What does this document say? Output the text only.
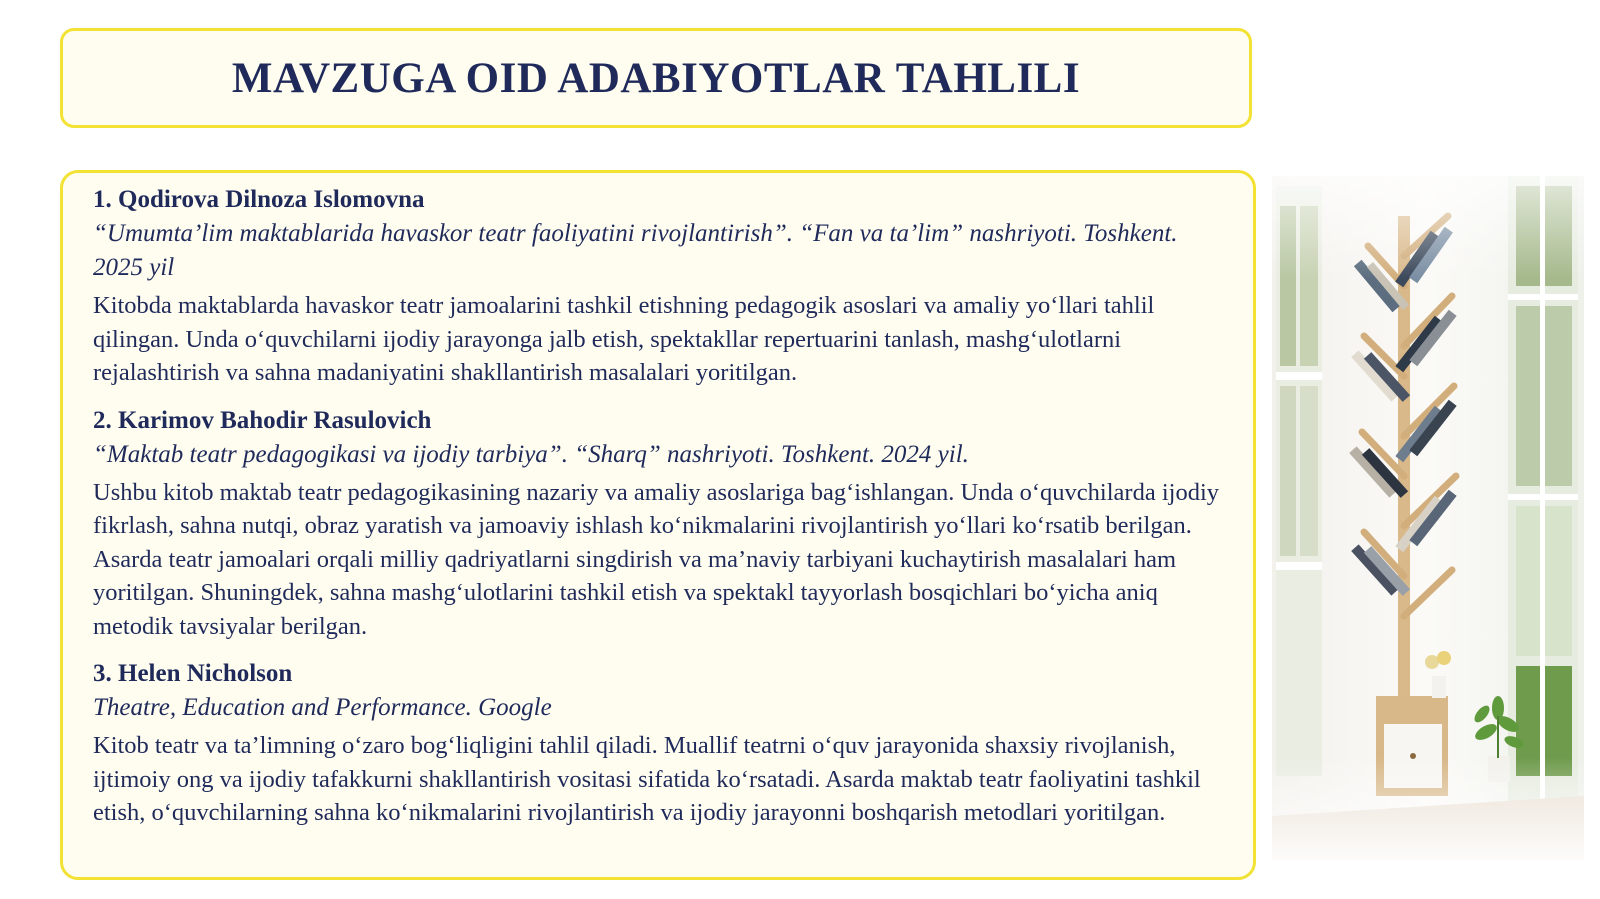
MAVZUGA OID ADABIYOTLAR TAHLILI

1. Qodirova Dilnoza Islomovna

“Umumta’lim maktablarida havaskor teatr faoliyatini rivojlantirish”. “Fan va ta’lim” nashriyoti. Toshkent. 2025 yil

Kitobda maktablarda havaskor teatr jamoalarini tashkil etishning pedagogik asoslari va amaliy yo‘llari tahlil qilingan. Unda o‘quvchilarni ijodiy jarayonga jalb etish, spektakllar repertuarini tanlash, mashg‘ulotlarni rejalashtirish va sahna madaniyatini shakllantirish masalalari yoritilgan.

2. Karimov Bahodir Rasulovich

“Maktab teatr pedagogikasi va ijodiy tarbiya”. “Sharq” nashriyoti. Toshkent. 2024 yil.

Ushbu kitob maktab teatr pedagogikasining nazariy va amaliy asoslariga bag‘ishlangan. Unda o‘quvchilarda ijodiy fikrlash, sahna nutqi, obraz yaratish va jamoaviy ishlash ko‘nikmalarini rivojlantirish yo‘llari ko‘rsatib berilgan. Asarda teatr jamoalari orqali milliy qadriyatlarni singdirish va ma’naviy tarbiyani kuchaytirish masalalari ham yoritilgan. Shuningdek, sahna mashg‘ulotlarini tashkil etish va spektakl tayyorlash bosqichlari bo‘yicha aniq metodik tavsiyalar berilgan.

3. Helen Nicholson

Theatre, Education and Performance. Google

Kitob teatr va ta’limning o‘zaro bog‘liqligini tahlil qiladi. Muallif teatrni o‘quv jarayonida shaxsiy rivojlanish, ijtimoiy ong va ijodiy tafakkurni shakllantirish vositasi sifatida ko‘rsatadi. Asarda maktab teatr faoliyatini tashkil etish, o‘quvchilarning sahna ko‘nikmalarini rivojlantirish va ijodiy jarayonni boshqarish metodlari yoritilgan.
